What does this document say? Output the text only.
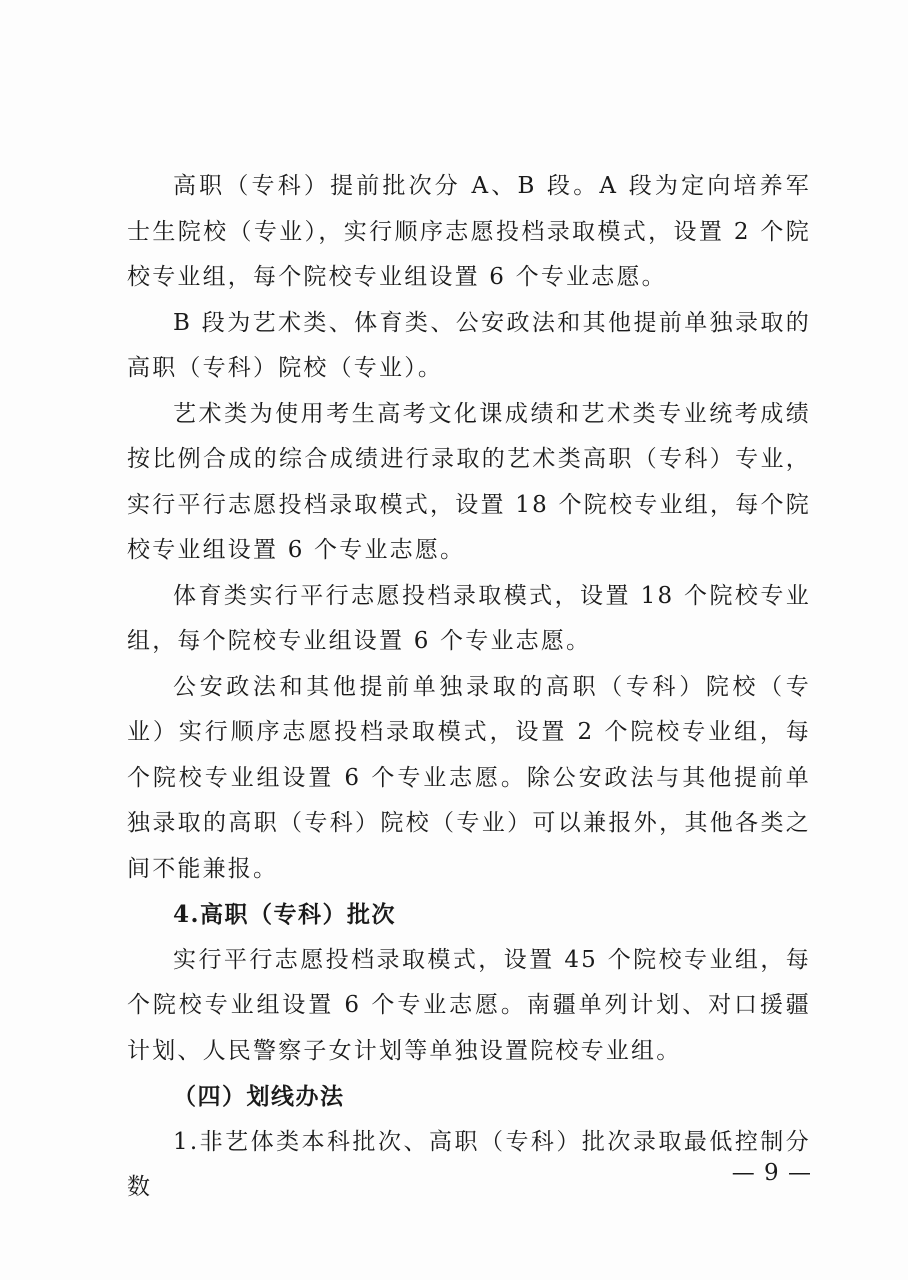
高职（专科）提前批次分 A、B 段。A 段为定向培养军士生院校（专业），实行顺序志愿投档录取模式，设置 2 个院校专业组，每个院校专业组设置 6 个专业志愿。

B 段为艺术类、体育类、公安政法和其他提前单独录取的高职（专科）院校（专业）。

艺术类为使用考生高考文化课成绩和艺术类专业统考成绩按比例合成的综合成绩进行录取的艺术类高职（专科）专业，实行平行志愿投档录取模式，设置 18 个院校专业组，每个院校专业组设置 6 个专业志愿。

体育类实行平行志愿投档录取模式，设置 18 个院校专业组，每个院校专业组设置 6 个专业志愿。

公安政法和其他提前单独录取的高职（专科）院校（专业）实行顺序志愿投档录取模式，设置 2 个院校专业组，每个院校专业组设置 6 个专业志愿。除公安政法与其他提前单独录取的高职（专科）院校（专业）可以兼报外，其他各类之间不能兼报。

4.高职（专科）批次

实行平行志愿投档录取模式，设置 45 个院校专业组，每个院校专业组设置 6 个专业志愿。南疆单列计划、对口援疆计划、人民警察子女计划等单独设置院校专业组。

（四）划线办法

1.非艺体类本科批次、高职（专科）批次录取最低控制分数

— 9 —
